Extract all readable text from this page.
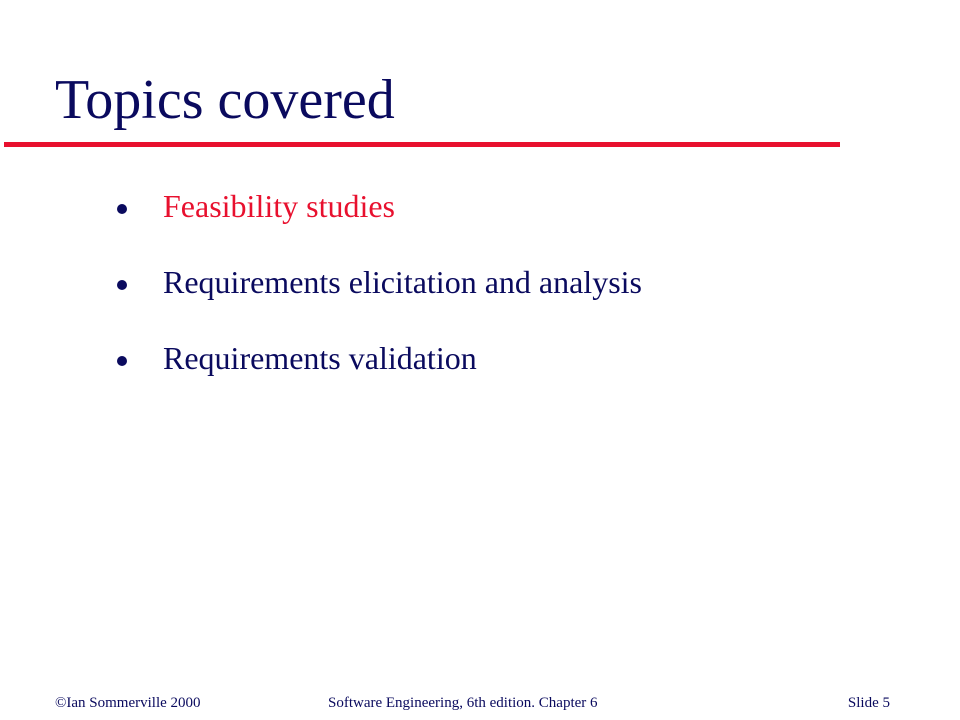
Topics covered
Feasibility studies
Requirements elicitation and analysis
Requirements validation
©Ian Sommerville 2000	Software Engineering, 6th edition. Chapter 6	Slide 5
